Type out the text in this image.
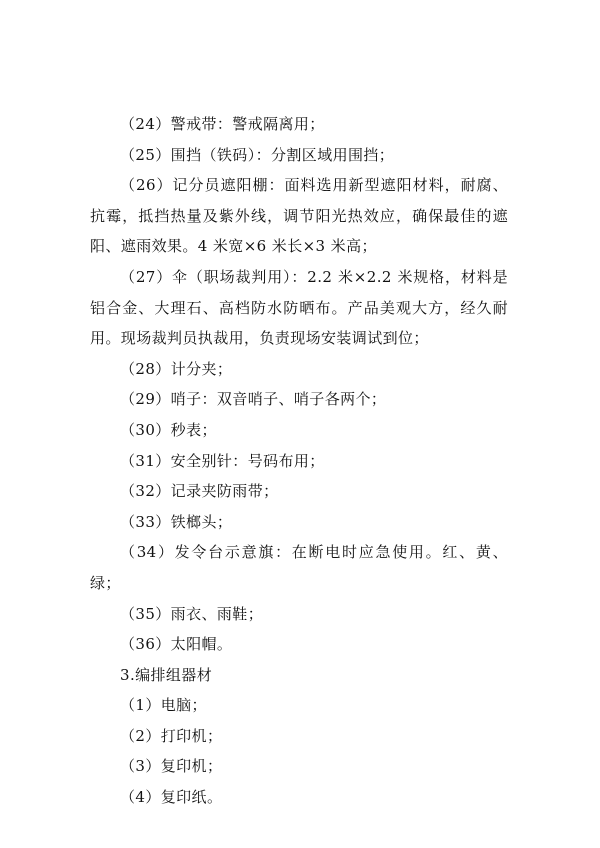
（24）警戒带：警戒隔离用；

（25）围挡（铁码）：分割区域用围挡；

（26）记分员遮阳棚：面料选用新型遮阳材料，耐腐、抗霉，抵挡热量及紫外线，调节阳光热效应，确保最佳的遮阳、遮雨效果。4 米宽×6 米长×3 米高；

（27）伞（职场裁判用）：2.2 米×2.2 米规格，材料是铝合金、大理石、高档防水防晒布。产品美观大方，经久耐用。现场裁判员执裁用，负责现场安装调试到位；

（28）计分夹；

（29）哨子：双音哨子、哨子各两个；

（30）秒表；

（31）安全别针：号码布用；

（32）记录夹防雨带；

（33）铁榔头；

（34）发令台示意旗：在断电时应急使用。红、黄、绿；

（35）雨衣、雨鞋；

（36）太阳帽。

3.编排组器材

（1）电脑；

（2）打印机；

（3）复印机；

（4）复印纸。
